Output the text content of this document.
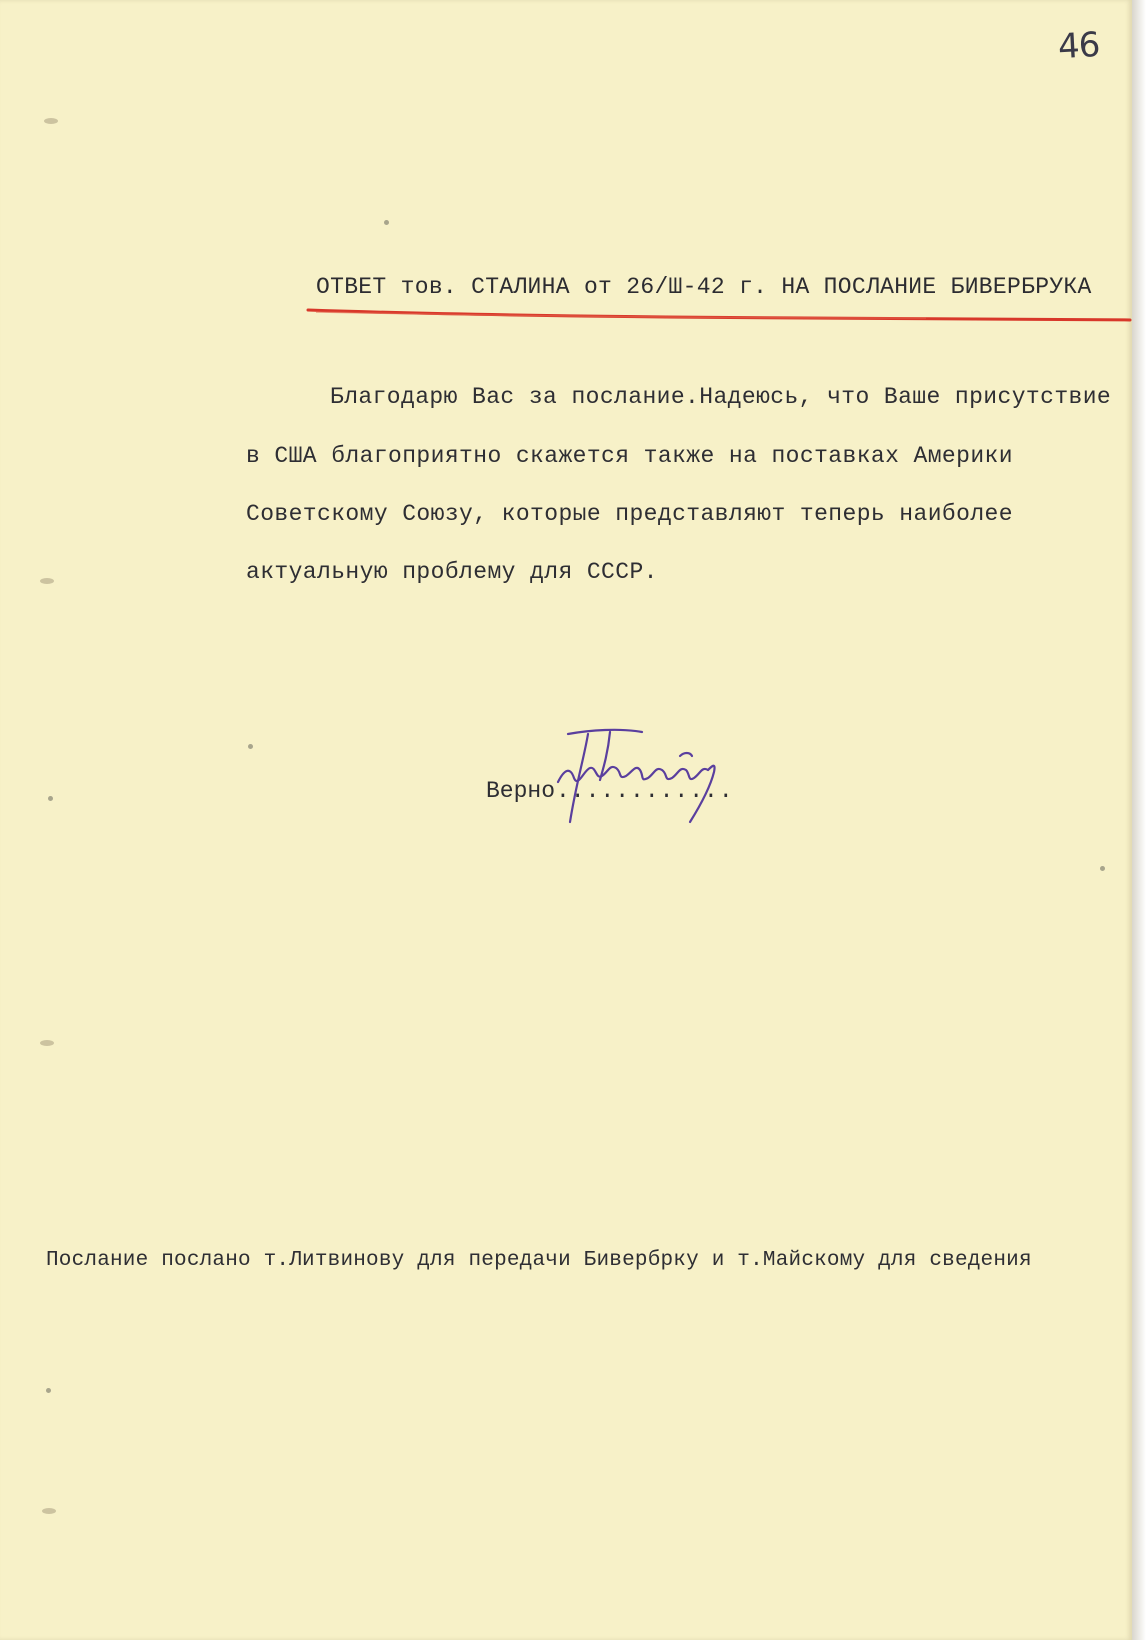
46
ОТВЕТ тов. СТАЛИНА от 26/Ш-42 г. НА ПОСЛАНИЕ БИВЕРБРУКА
Благодарю Вас за послание.Надеюсь, что Ваше присутствие
в США благоприятно скажется также на поставках Америки
Советскому Союзу, которые представляют теперь наиболее
актуальную проблему для СССР.
Верно ............
Послание послано т.Литвинову для передачи Бивербрку и т.Майскому для сведения
